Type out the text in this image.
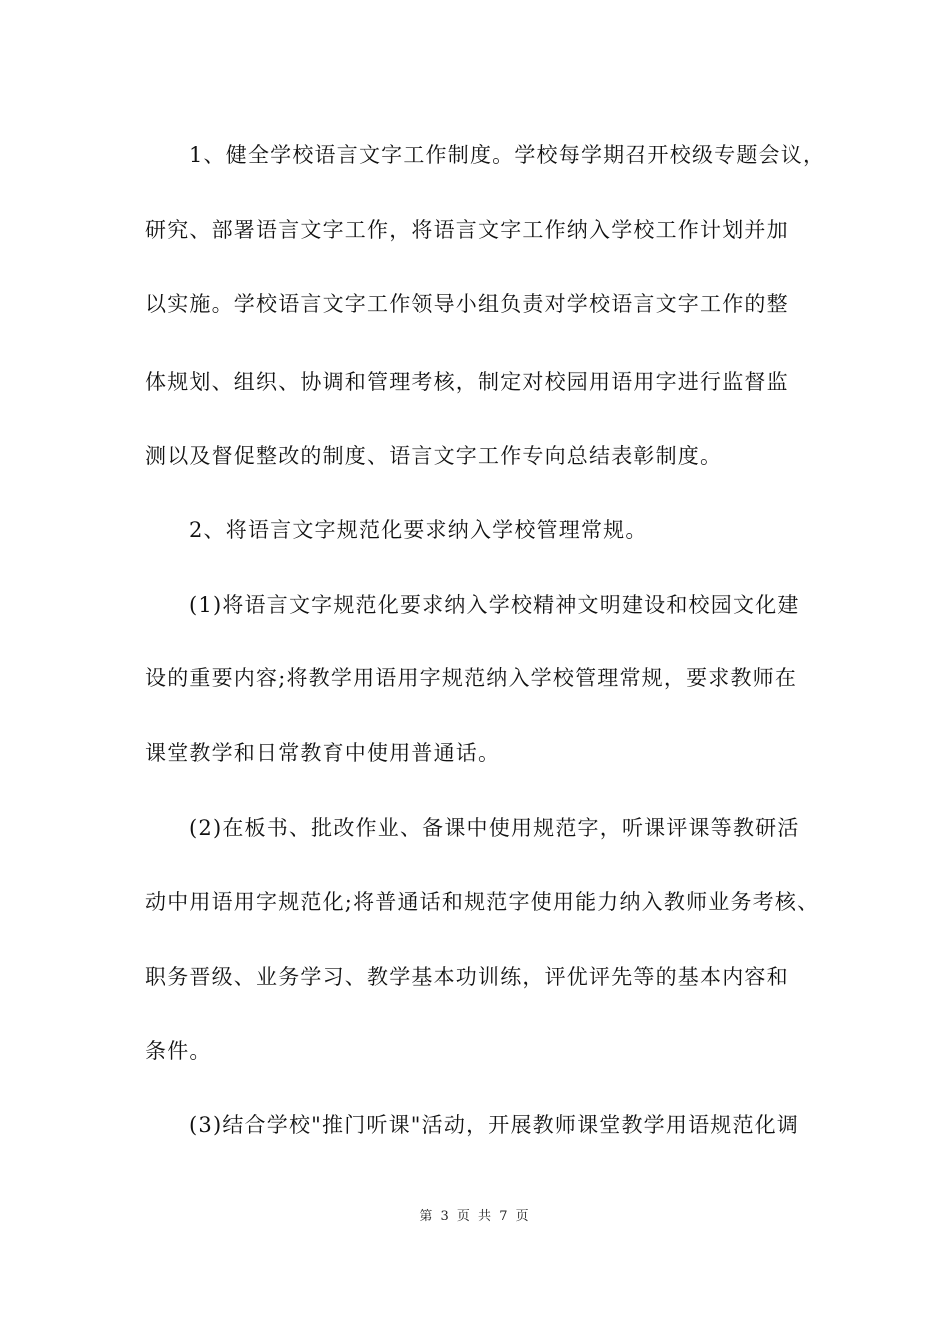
1、健全学校语言文字工作制度。学校每学期召开校级专题会议，
研究、部署语言文字工作，将语言文字工作纳入学校工作计划并加
以实施。学校语言文字工作领导小组负责对学校语言文字工作的整
体规划、组织、协调和管理考核，制定对校园用语用字进行监督监
测以及督促整改的制度、语言文字工作专向总结表彰制度。
2、将语言文字规范化要求纳入学校管理常规。
(1)将语言文字规范化要求纳入学校精神文明建设和校园文化建
设的重要内容;将教学用语用字规范纳入学校管理常规，要求教师在
课堂教学和日常教育中使用普通话。
(2)在板书、批改作业、备课中使用规范字，听课评课等教研活
动中用语用字规范化;将普通话和规范字使用能力纳入教师业务考核、
职务晋级、业务学习、教学基本功训练，评优评先等的基本内容和
条件。
(3)结合学校"推门听课"活动，开展教师课堂教学用语规范化调
第 3 页 共 7 页
